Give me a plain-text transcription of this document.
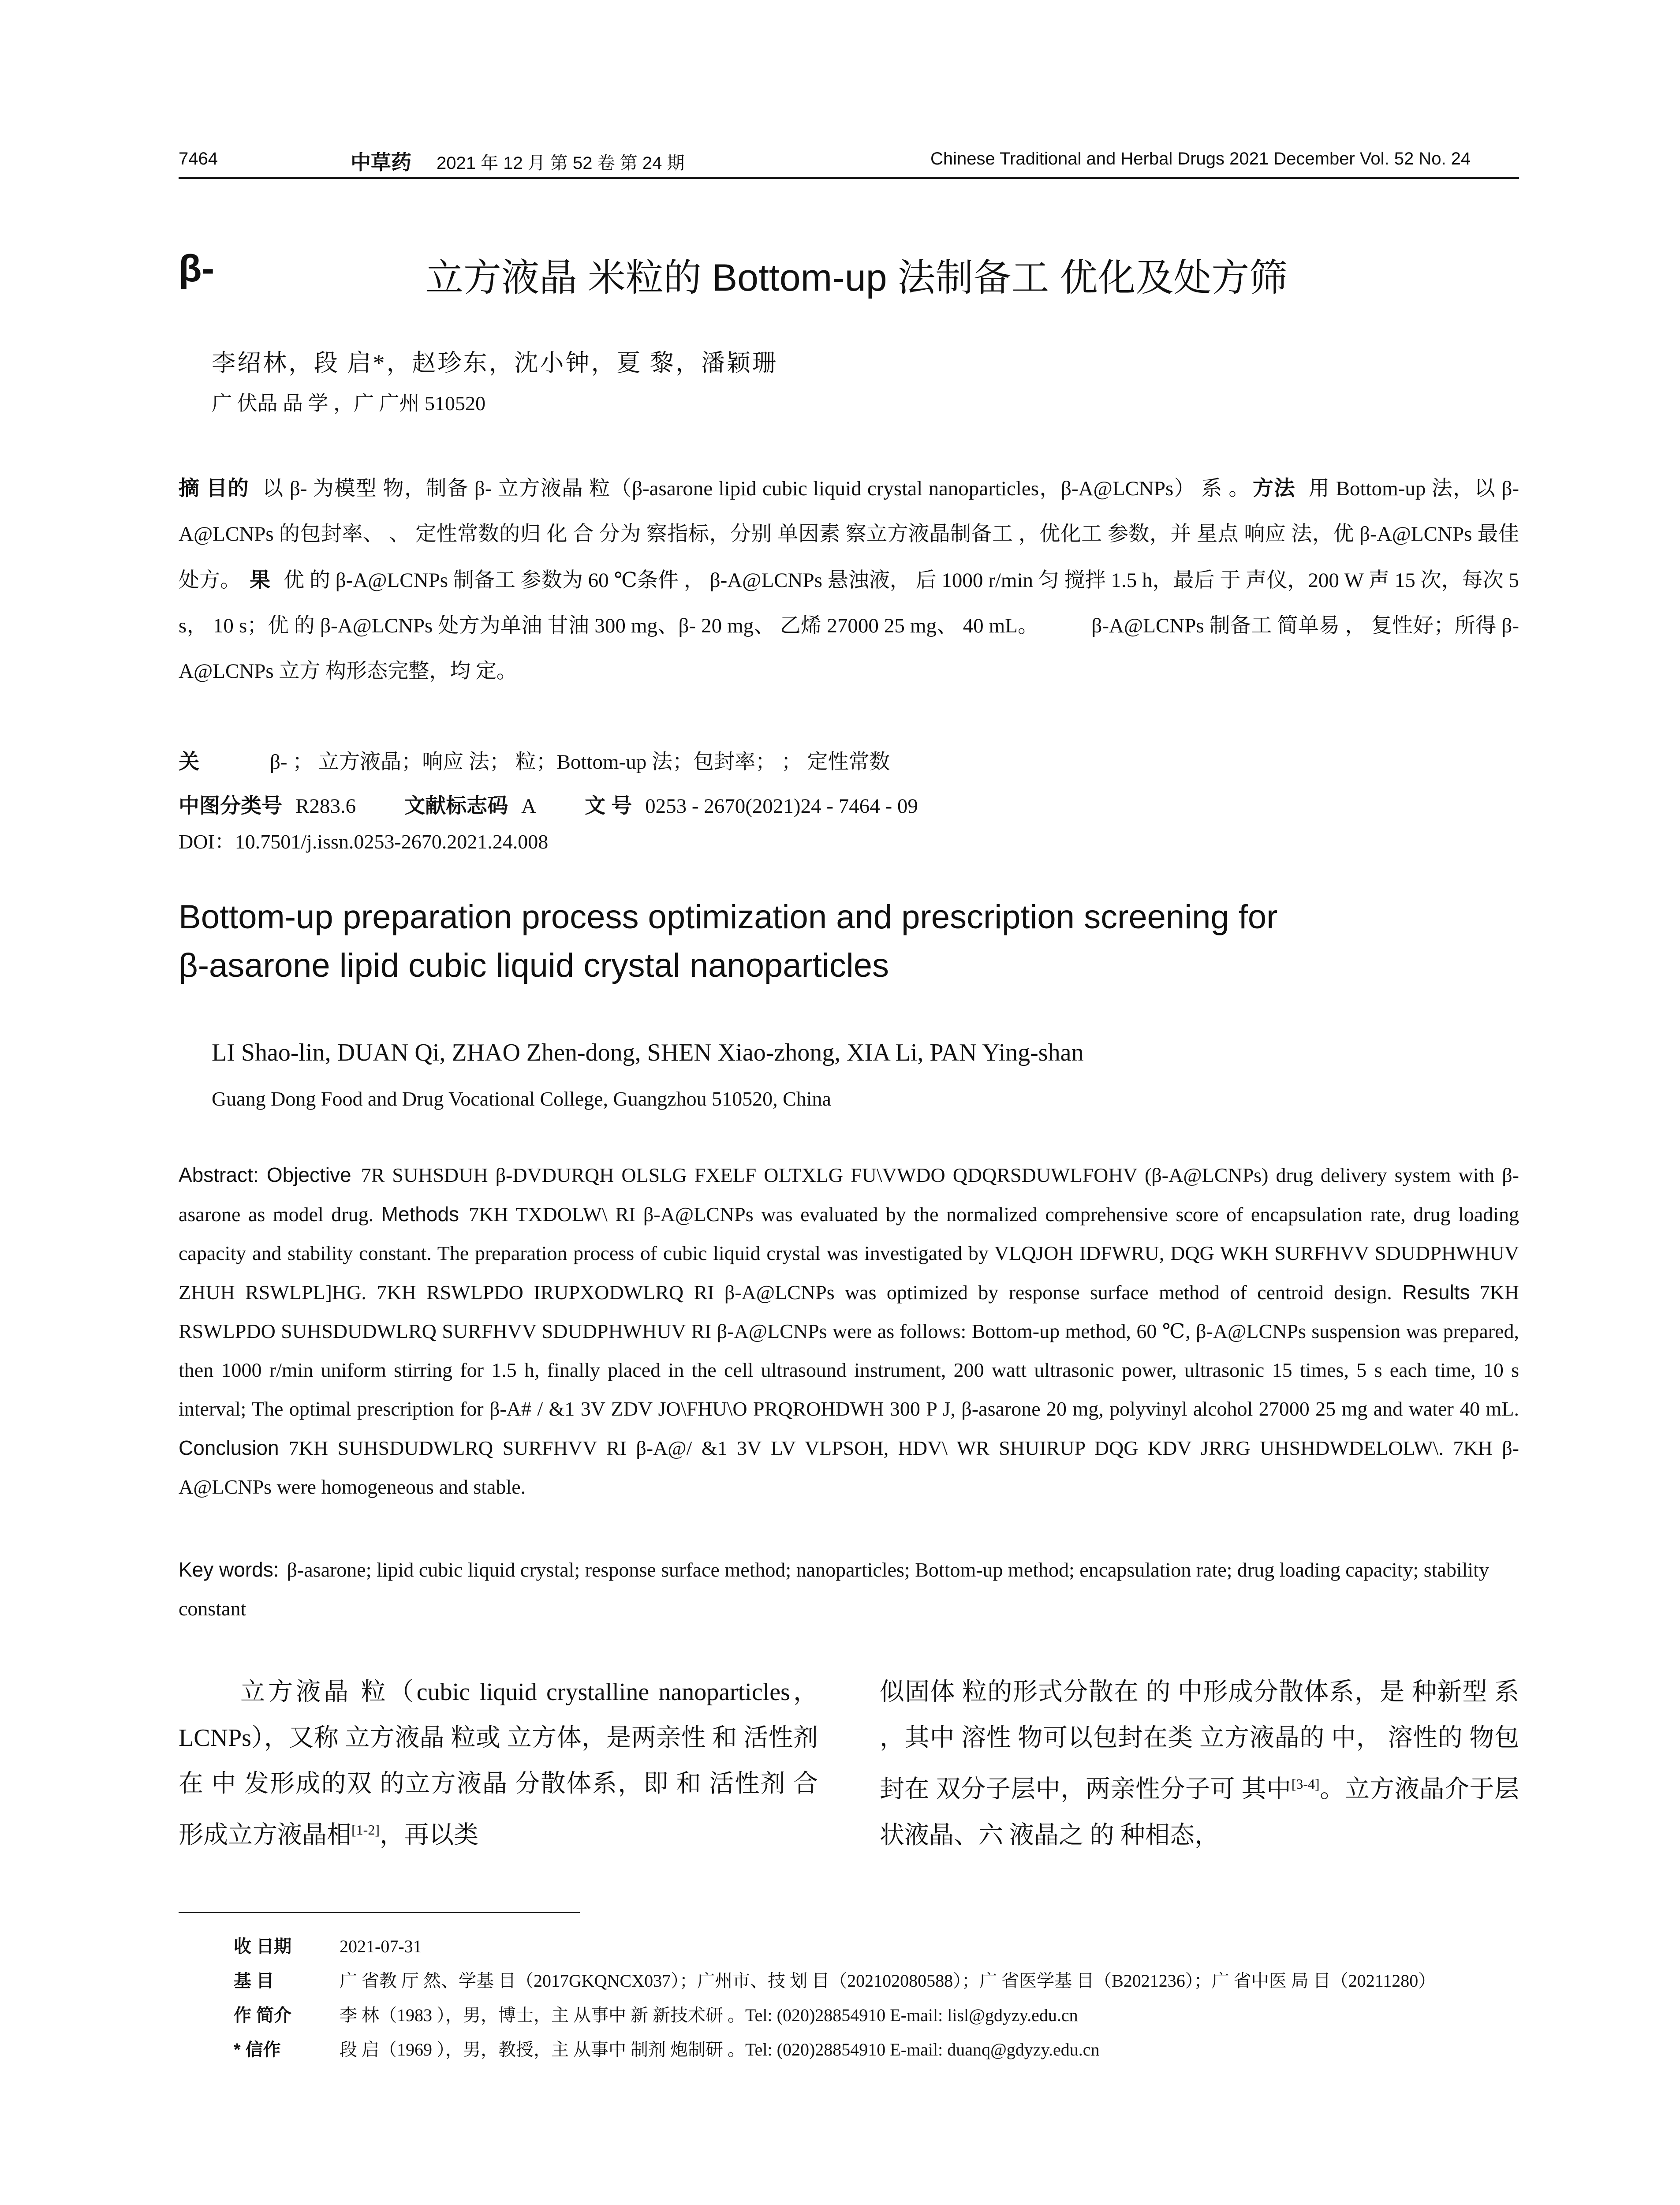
7464	中草药 2021 年 12 月 第 52 卷 第 24 期	Chinese Traditional and Herbal Drugs 2021 December Vol. 52 No. 24
β-	立方液晶 米粒的 Bottom-up 法制备工 优化及处方筛
李绍林，段 启*，赵珍东，沈小钟，夏 黎，潘颖珊
广 伏品 品 学 ，广 广州 510520
摘 目的 以 β- 为模型 物，制备 β- 立方液晶 粒（β-asarone lipid cubic liquid crystal nanoparticles，β-A@LCNPs） 系 。 方法 用 Bottom-up 法，以 β-A@LCNPs 的包封率、 、 定性常数的归 化 合 分为 察指标，分别 单因素 察立方液晶制备工 ，优化工 参数，并 星点 响应 法，优 β-A@LCNPs 最佳处方。 果 优 的 β-A@LCNPs 制备工 参数为 60 ℃条件 ， β-A@LCNPs 悬浊液， 后 1000 r/min 匀 搅拌 1.5 h，最后 于 声仪，200 W 声 15 次，每次 5 s， 10 s；优 的 β-A@LCNPs 处方为单油 甘油 300 mg、β- 20 mg、 乙烯 27000 25 mg、 40 mL。	β-A@LCNPs 制备工 简单易 ， 复性好；所得 β-A@LCNPs 立方 构形态完整，均 定。
关	β- ； 立方液晶；响应 法； 粒；Bottom-up 法；包封率； ； 定性常数
中图分类号 R283.6 文献标志码 A 文 号 0253 - 2670(2021)24 - 7464 - 09
DOI：10.7501/j.issn.0253-2670.2021.24.008
Bottom-up preparation process optimization and prescription screening for
β-asarone lipid cubic liquid crystal nanoparticles
LI Shao-lin, DUAN Qi, ZHAO Zhen-dong, SHEN Xiao-zhong, XIA Li, PAN Ying-shan
Guang Dong Food and Drug Vocational College, Guangzhou 510520, China
Abstract: Objective 7R SUHSDUH β-DVDURQH OLSLG FXELF OLTXLG FU\VWDO QDQRSDUWLFOHV (β-A@LCNPs) drug delivery system with β-asarone as model drug. Methods 7KH TXDOLW\ RI β-A@LCNPs was evaluated by the normalized comprehensive score of encapsulation rate, drug loading capacity and stability constant. The preparation process of cubic liquid crystal was investigated by VLQJOH IDFWRU, DQG WKH SURFHVV SDUDPHWHUV ZHUH RSWLPL]HG. 7KH RSWLPDO IRUPXODWLRQ RI β-A@LCNPs was optimized by response surface method of centroid design. Results 7KH RSWLPDO SUHSDUDWLRQ SURFHVV SDUDPHWHUV RI β-A@LCNPs were as follows: Bottom-up method, 60 ℃, β-A@LCNPs suspension was prepared, then 1000 r/min uniform stirring for 1.5 h, finally placed in the cell ultrasound instrument, 200 watt ultrasonic power, ultrasonic 15 times, 5 s each time, 10 s interval; The optimal prescription for β-A# / &1 3V ZDV JO\FHU\O PRQROHDWH 300 P J, β-asarone 20 mg, polyvinyl alcohol 27000 25 mg and water 40 mL. Conclusion 7KH SUHSDUDWLRQ SURFHVV RI β-A@/ &1 3V LV VLPSOH, HDV\ WR SHUIRUP DQG KDV JRRG UHSHDWDELOLW\. 7KH β-A@LCNPs were homogeneous and stable.
Key words: β-asarone; lipid cubic liquid crystal; response surface method; nanoparticles; Bottom-up method; encapsulation rate; drug loading capacity; stability constant
立方液晶 粒（cubic liquid crystalline nanoparticles，LCNPs），又称 立方液晶 粒或 立方体，是两亲性 和 活性剂在 中 发形成的双 的立方液晶 分散体系，即 和 活性剂 合 形成立方液晶相[1-2]，再以类
似固体 粒的形式分散在 的 中形成分散体系，是 种新型 系 ，其中 溶性 物可以包封在类 立方液晶的 中， 溶性的 物包封在 双分子层中，两亲性分子可 其中[3-4]。立方液晶介于层状液晶、六 液晶之 的 种相态，
收 日期	2021-07-31
基 目	广 省教 厅 然、学基 目（2017GKQNCX037）；广州市、技 划 目（202102080588）；广 省医学基 目（B2021236）；广 省中医 局 目（20211280）
作 简介	李 林（1983 ），男，博士，主 从事中 新 新技术研 。Tel: (020)28854910 E-mail: lisl@gdyzy.edu.cn
* 信作	段 启（1969 ），男，教授，主 从事中 制剂 炮制研 。Tel: (020)28854910 E-mail: duanq@gdyzy.edu.cn
